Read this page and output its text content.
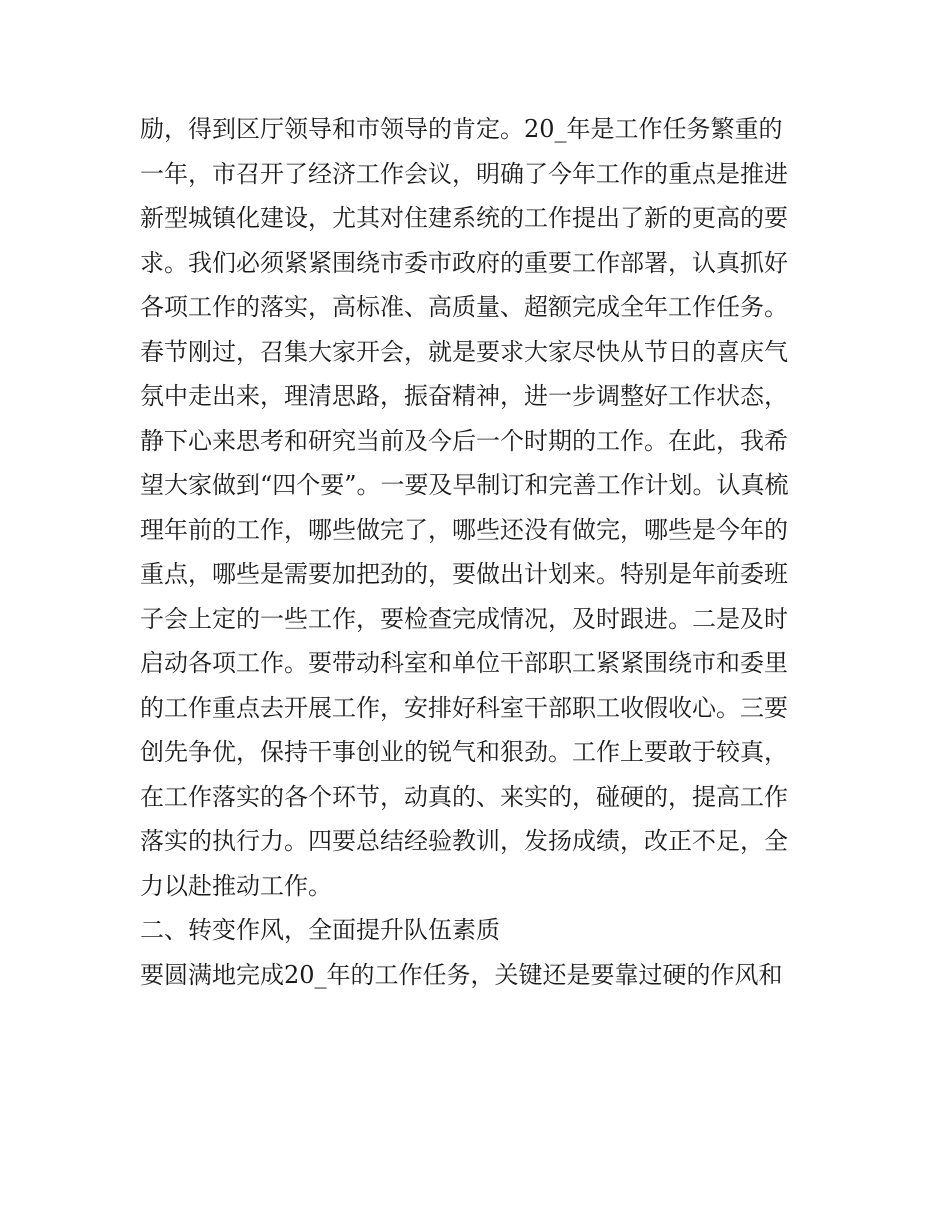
励，得到区厅领导和市领导的肯定。20_年是工作任务繁重的
一年，市召开了经济工作会议，明确了今年工作的重点是推进
新型城镇化建设，尤其对住建系统的工作提出了新的更高的要
求。我们必须紧紧围绕市委市政府的重要工作部署，认真抓好
各项工作的落实，高标准、高质量、超额完成全年工作任务。
春节刚过，召集大家开会，就是要求大家尽快从节日的喜庆气
氛中走出来，理清思路，振奋精神，进一步调整好工作状态，
静下心来思考和研究当前及今后一个时期的工作。在此，我希
望大家做到“四个要”。一要及早制订和完善工作计划。认真梳
理年前的工作，哪些做完了，哪些还没有做完，哪些是今年的
重点，哪些是需要加把劲的，要做出计划来。特别是年前委班
子会上定的一些工作，要检查完成情况，及时跟进。二是及时
启动各项工作。要带动科室和单位干部职工紧紧围绕市和委里
的工作重点去开展工作，安排好科室干部职工收假收心。三要
创先争优，保持干事创业的锐气和狠劲。工作上要敢于较真，
在工作落实的各个环节，动真的、来实的，碰硬的，提高工作
落实的执行力。四要总结经验教训，发扬成绩，改正不足，全
力以赴推动工作。
二、转变作风，全面提升队伍素质
要圆满地完成20_年的工作任务，关键还是要靠过硬的作风和
